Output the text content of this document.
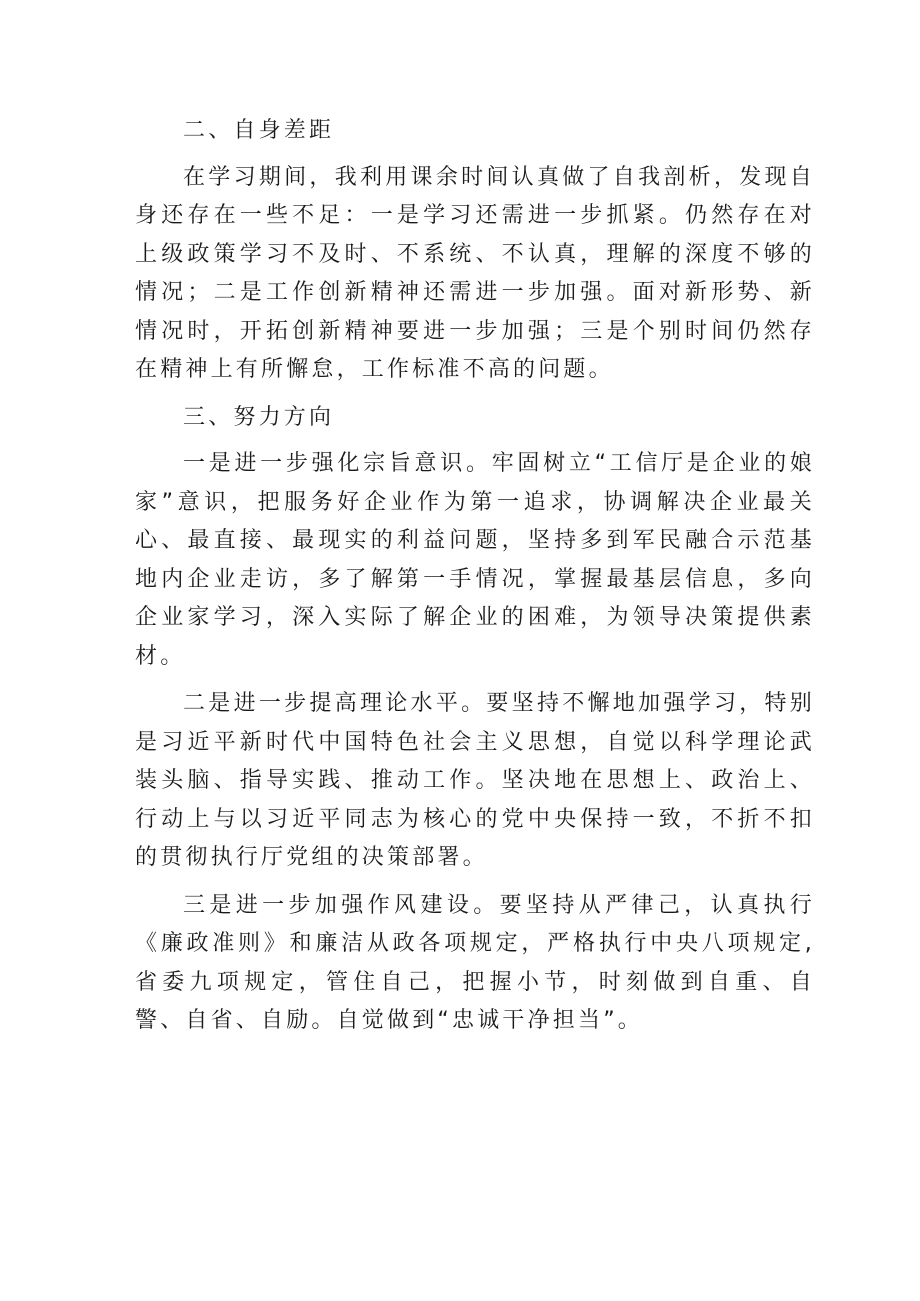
二、自身差距

在学习期间，我利用课余时间认真做了自我剖析，发现自身还存在一些不足：一是学习还需进一步抓紧。仍然存在对上级政策学习不及时、不系统、不认真，理解的深度不够的情况；二是工作创新精神还需进一步加强。面对新形势、新情况时，开拓创新精神要进一步加强；三是个别时间仍然存在精神上有所懈怠，工作标准不高的问题。

三、努力方向

一是进一步强化宗旨意识。牢固树立“工信厅是企业的娘家”意识，把服务好企业作为第一追求，协调解决企业最关心、最直接、最现实的利益问题，坚持多到军民融合示范基地内企业走访，多了解第一手情况，掌握最基层信息，多向企业家学习，深入实际了解企业的困难，为领导决策提供素材。

二是进一步提高理论水平。要坚持不懈地加强学习，特别是习近平新时代中国特色社会主义思想，自觉以科学理论武装头脑、指导实践、推动工作。坚决地在思想上、政治上、行动上与以习近平同志为核心的党中央保持一致，不折不扣的贯彻执行厅党组的决策部署。

三是进一步加强作风建设。要坚持从严律己，认真执行《廉政准则》和廉洁从政各项规定，严格执行中央八项规定,省委九项规定，管住自己，把握小节，时刻做到自重、自警、自省、自励。自觉做到“忠诚干净担当”。
